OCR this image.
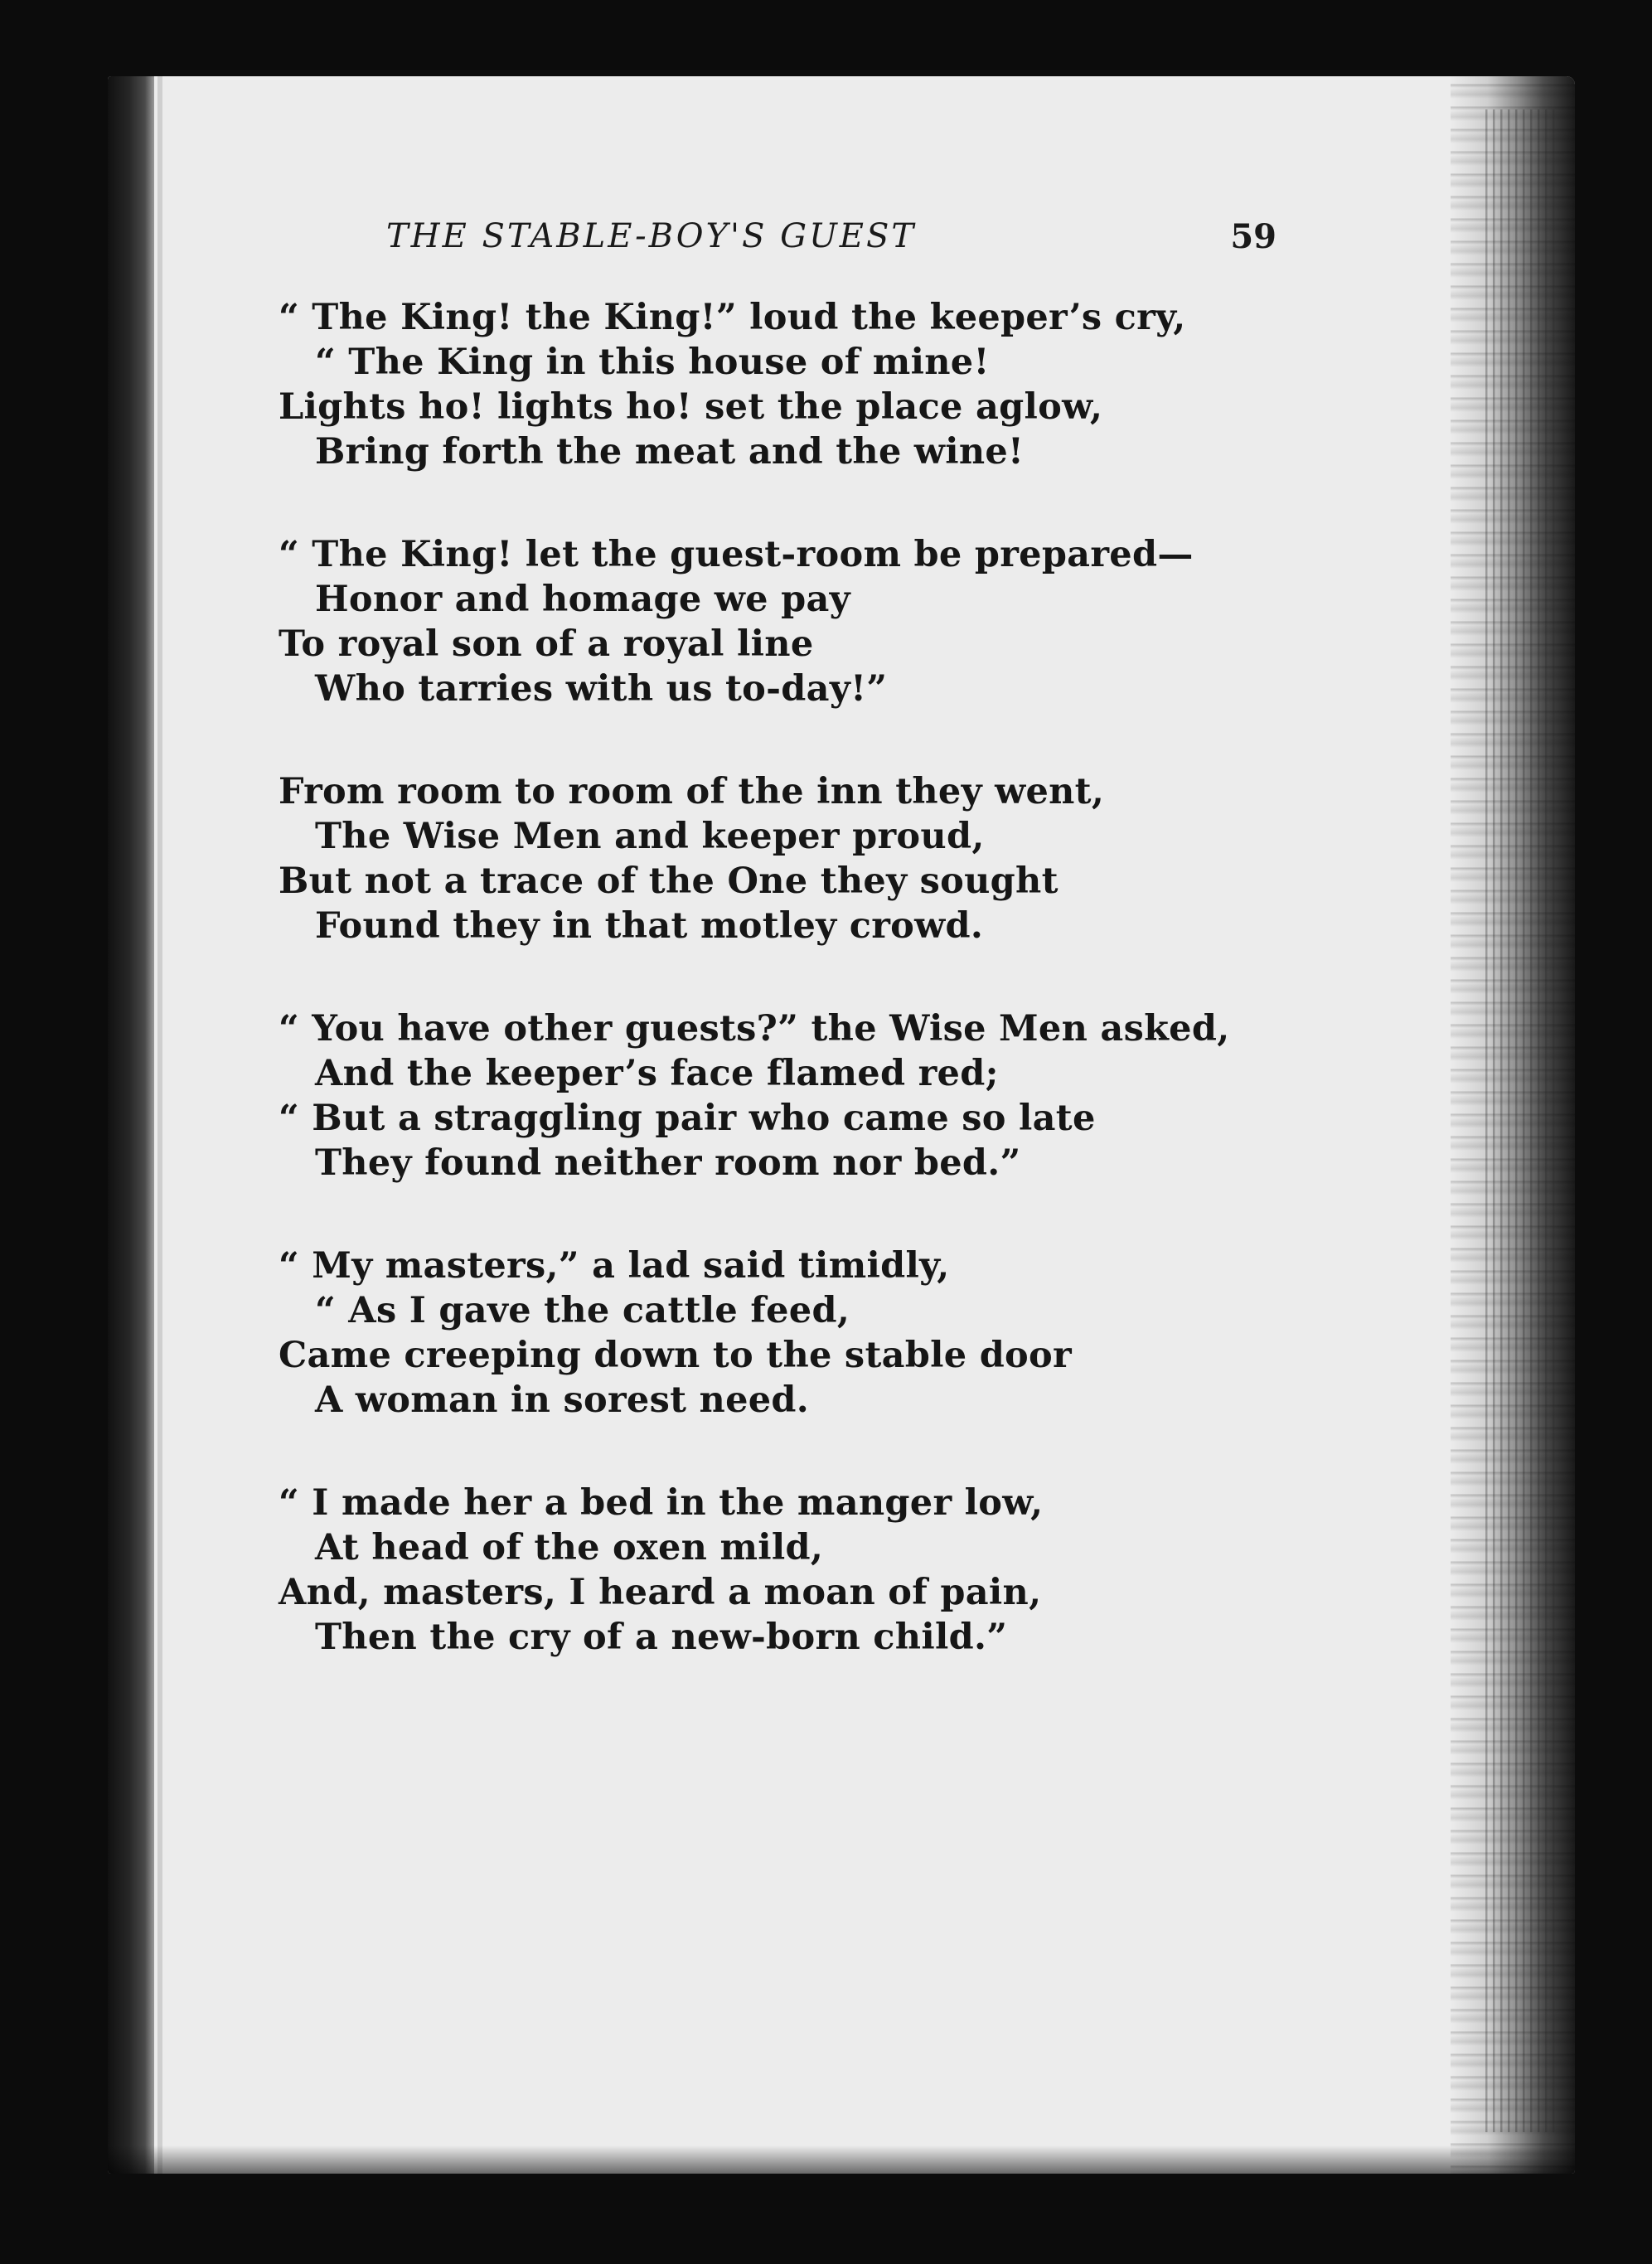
THE STABLE-BOY'S GUEST	59
“ The King! the King!” loud the keeper’s cry,
“ The King in this house of mine!
Lights ho! lights ho! set the place aglow,
Bring forth the meat and the wine!
“ The King! let the guest-room be prepared—
Honor and homage we pay
To royal son of a royal line
Who tarries with us to-day!”
From room to room of the inn they went,
The Wise Men and keeper proud,
But not a trace of the One they sought
Found they in that motley crowd.
“ You have other guests?” the Wise Men asked,
And the keeper’s face flamed red;
“ But a straggling pair who came so late
They found neither room nor bed.”
“ My masters,” a lad said timidly,
“ As I gave the cattle feed,
Came creeping down to the stable door
A woman in sorest need.
“ I made her a bed in the manger low,
At head of the oxen mild,
And, masters, I heard a moan of pain,
Then the cry of a new-born child.”
